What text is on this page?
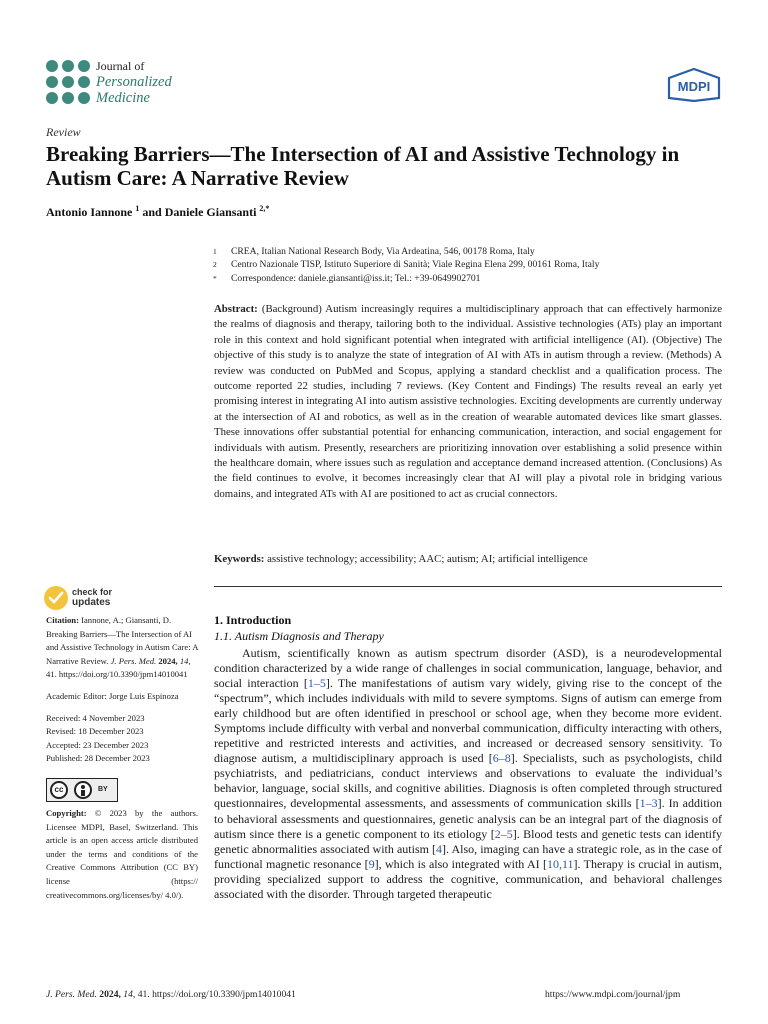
Journal of
Personalized
Medicine
MDPI
Review
Breaking Barriers—The Intersection of AI and Assistive Technology in Autism Care: A Narrative Review
Antonio Iannone $^1$ and Daniele Giansanti $^{2,*}$
1	CREA, Italian National Research Body, Via Ardeatina, 546, 00178 Roma, Italy
2	Centro Nazionale TISP, Istituto Superiore di Sanità; Viale Regina Elena 299, 00161 Roma, Italy
*	Correspondence: daniele.giansanti@iss.it; Tel.: +39-0649902701
Abstract: (Background) Autism increasingly requires a multidisciplinary approach that can effectively harmonize the realms of diagnosis and therapy, tailoring both to the individual. Assistive technologies (ATs) play an important role in this context and hold significant potential when integrated with artificial intelligence (AI). (Objective) The objective of this study is to analyze the state of integration of AI with ATs in autism through a review. (Methods) A review was conducted on PubMed and Scopus, applying a standard checklist and a qualification process. The outcome reported 22 studies, including 7 reviews. (Key Content and Findings) The results reveal an early yet promising interest in integrating AI into autism assistive technologies. Exciting developments are currently underway at the intersection of AI and robotics, as well as in the creation of wearable automated devices like smart glasses. These innovations offer substantial potential for enhancing communication, interaction, and social engagement for individuals with autism. Presently, researchers are prioritizing innovation over establishing a solid presence within the healthcare domain, where issues such as regulation and acceptance demand increased attention. (Conclusions) As the field continues to evolve, it becomes increasingly clear that AI will play a pivotal role in bridging various domains, and integrated ATs with AI are positioned to act as crucial connectors.
Keywords: assistive technology; accessibility; AAC; autism; AI; artificial intelligence
check for
updates

Citation: Iannone, A.; Giansanti, D. Breaking Barriers—The Intersection of AI and Assistive Technology in Autism Care: A Narrative Review. J. Pers. Med. 2024, 14, 41. https://doi.org/10.3390/jpm14010041

Academic Editor: Jorge Luis Espinoza

Received: 4 November 2023

Revised: 18 December 2023

Accepted: 23 December 2023

Published: 28 December 2023

cc	BY

Copyright: © 2023 by the authors. Licensee MDPI, Basel, Switzerland. This article is an open access article distributed under the terms and conditions of the Creative Commons Attribution (CC BY) license (https:// creativecommons.org/licenses/by/ 4.0/).

1. Introduction
1.1. Autism Diagnosis and Therapy
Autism, scientifically known as autism spectrum disorder (ASD), is a neurodevelopmental condition characterized by a wide range of challenges in social communication, language, behavior, and social interaction [1–5]. The manifestations of autism vary widely, giving rise to the concept of the “spectrum”, which includes individuals with mild to severe symptoms. Signs of autism can emerge from early childhood but are often identified in preschool or school age, when they become more evident. Symptoms include difficulty with verbal and nonverbal communication, difficulty interacting with others, repetitive and restricted interests and activities, and increased or decreased sensory sensitivity. To diagnose autism, a multidisciplinary approach is used [6–8]. Specialists, such as psychologists, child psychiatrists, and pediatricians, conduct interviews and observations to evaluate the individual’s behavior, language, social skills, and cognitive abilities. Diagnosis is often completed through structured questionnaires, developmental assessments, and assessments of communication skills [1–3]. In addition to behavioral assessments and questionnaires, genetic analysis can be an integral part of the diagnosis of autism since there is a genetic component to its etiology [2–5]. Blood tests and genetic tests can identify genetic abnormalities associated with autism [4]. Also, imaging can have a strategic role, as in the case of functional magnetic resonance [9], which is also integrated with AI [10,11]. Therapy is crucial in autism, providing specialized support to address the cognitive, communication, and behavioral challenges associated with the disorder. Through targeted therapeutic
J. Pers. Med. 2024, 14, 41. https://doi.org/10.3390/jpm14010041	https://www.mdpi.com/journal/jpm
